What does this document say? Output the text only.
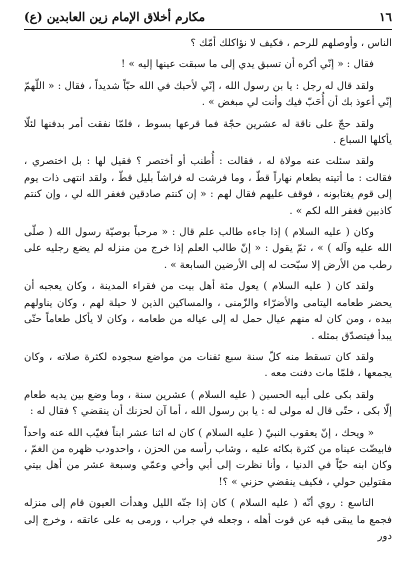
١٦
مكارم أخلاق الإمام زين العابدين (ع)

الناس ، وأوصلهم للرحم ، فكيف لا نؤاكلك أمّك ؟

فقال : « إنّي أكره أن تسبق يدي إلى ما سبقت عينها إليه » !

ولقد قال له رجل : يا بن رسول الله ، إنّي لأحبك في الله حبّاً شديداً ، فقال : « اللّهمّ إنّي أعوذ بك أن أُحَبّ فيك وأنت لي مبغض » .

ولقد حجّ على ناقة له عشرين حجّة فما قرعها بسوط ، فلمّا نفقت أمر بدفنها لئلّا يأكلها السباع .

ولقد سئلت عنه مولاة له ، فقالت : أُطنب أو أختصر ؟ فقيل لها : بل اختصري ، فقالت : ما أتيته بطعام نهاراً قطّ ، وما فرشت له فراشاً بليل قطّ ، ولقد انتهى ذات يوم إلى قوم يغتابونه ، فوقف عليهم فقال لهم : « إن كنتم صادقين فغفر الله لي ، وإن كنتم كاذبين فغفر الله لكم » .

وكان ( عليه السلام ) إذا جاءه طالب علم قال : « مرحباً بوصيّة رسول الله ( صلّى الله عليه وآله ) » ، ثمّ يقول : « إنّ طالب العلم إذا خرج من منزله لم يضع رجليه على رطب من الأرض إلا سبّحت له إلى الأرضين السابعة » .

ولقد كان ( عليه السلام ) يعول مئة أهل بيت من فقراء المدينة ، وكان يعجبه أن يحضر طعامه اليتامى والأضرّاء والزّمنى ، والمساكين الذين لا حيلة لهم ، وكان يناولهم بيده ، ومن كان له منهم عيال حمل له إلى عياله من طعامه ، وكان لا يأكل طعاماً حتّى يبدأ فيتصدّق بمثله .

ولقد كان تسقط منه كلّ سنة سبع ثفنات من مواضع سجوده لكثرة صلاته ، وكان يجمعها ، فلمّا مات دفنت معه .

ولقد بكى على أبيه الحسين ( عليه السلام ) عشرين سنة ، وما وضع بين يديه طعام إلّا بكى ، حتّى قال له مولى له : يا بن رسول الله ، أما آن لحزنك أن ينقضي ؟ فقال له :

« ويحك ، إنّ يعقوب النبيّ ( عليه السلام ) كان له اثنا عشر ابناً فغيّب الله عنه واحداً فابيضّت عيناه من كثرة بكائه عليه ، وشاب رأسه من الحزن ، واحدودب ظهره من الغمّ ، وكان ابنه حيّاً في الدنيا ، وأنا نظرت إلى أبي وأخي وعمّي وسبعة عشر من أهل بيتي مقتولين حولي ، فكيف ينقضي حزني » ؟!

التاسع : روي أنّه ( عليه السلام ) كان إذا جنّه الليل وهدأت العيون قام إلى منزله فجمع ما يبقى فيه عن قوت أهله ، وجعله في جراب ، ورمى به على عاتقه ، وخرج إلى دور
